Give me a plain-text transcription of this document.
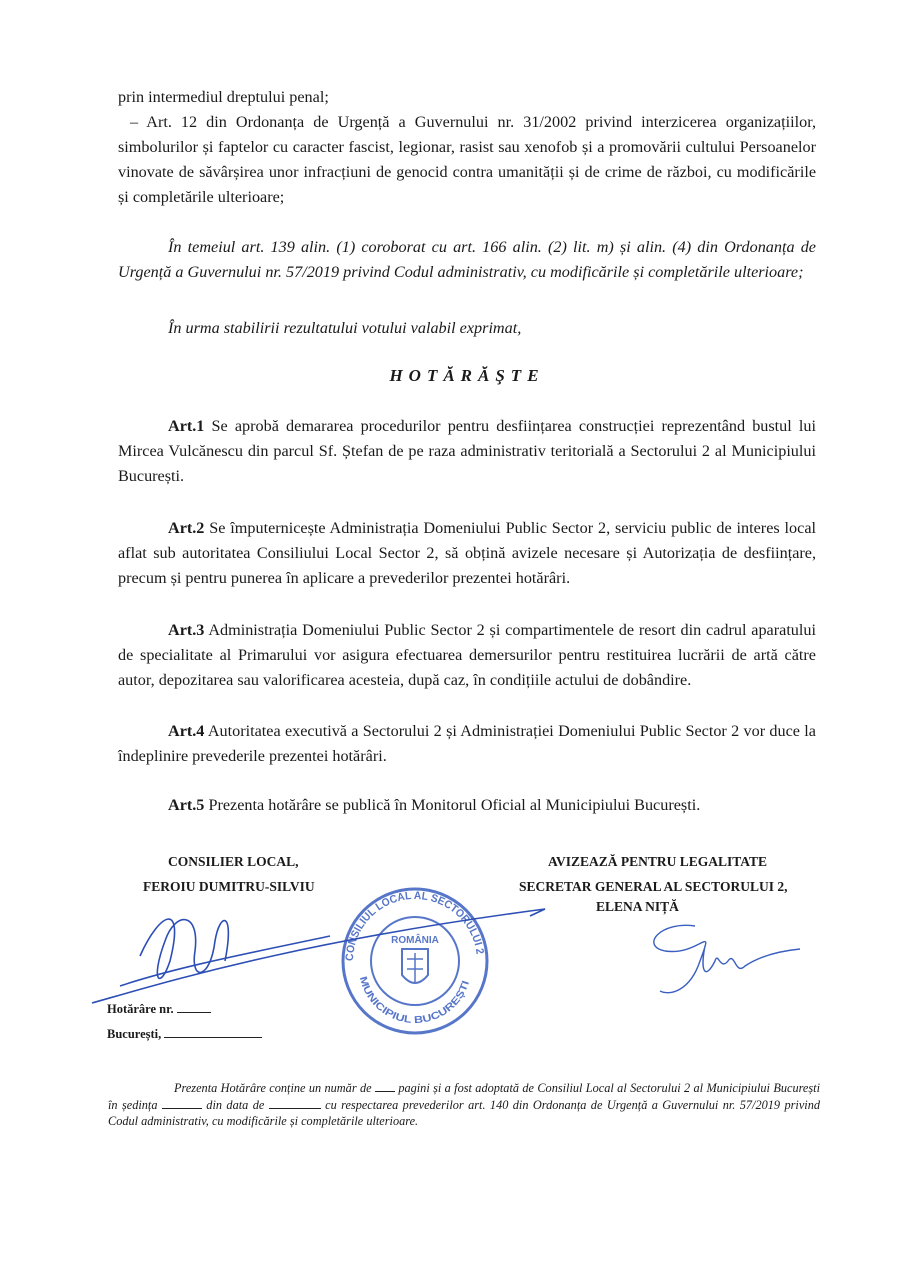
prin intermediul dreptului penal;

– Art. 12 din Ordonanța de Urgență a Guvernului nr. 31/2002 privind interzicerea organizațiilor, simbolurilor și faptelor cu caracter fascist, legionar, rasist sau xenofob și a promovării cultului Persoanelor vinovate de săvârșirea unor infracțiuni de genocid contra umanității și de crime de război, cu modificările și completările ulterioare;

În temeiul art. 139 alin. (1) coroborat cu art. 166 alin. (2) lit. m) și alin. (4) din Ordonanța de Urgență a Guvernului nr. 57/2019 privind Codul administrativ, cu modificările și completările ulterioare;

În urma stabilirii rezultatului votului valabil exprimat,

HOTĂRĂŞTE

Art.1 Se aprobă demararea procedurilor pentru desființarea construcției reprezentând bustul lui Mircea Vulcănescu din parcul Sf. Ștefan de pe raza administrativ teritorială a Sectorului 2 al Municipiului București.

Art.2 Se împuternicește Administrația Domeniului Public Sector 2, serviciu public de interes local aflat sub autoritatea Consiliului Local Sector 2, să obțină avizele necesare și Autorizația de desființare, precum și pentru punerea în aplicare a prevederilor prezentei hotărâri.

Art.3 Administrația Domeniului Public Sector 2 și compartimentele de resort din cadrul aparatului de specialitate al Primarului vor asigura efectuarea demersurilor pentru restituirea lucrării de artă către autor, depozitarea sau valorificarea acesteia, după caz, în condițiile actului de dobândire.

Art.4 Autoritatea executivă a Sectorului 2 și Administrației Domeniului Public Sector 2 vor duce la îndeplinire prevederile prezentei hotărâri.

Art.5 Prezenta hotărâre se publică în Monitorul Oficial al Municipiului București.

CONSILIUL LOCAL AL SECTORULUI 2
MUNICIPIUL BUCUREȘTI
ROMÂNIA
CONSILIER LOCAL,
FEROIU DUMITRU-SILVIU
AVIZEAZĂ PENTRU LEGALITATE
SECRETAR GENERAL AL SECTORULUI 2,
ELENA NIȚĂ
Hotărâre nr.
București,
Prezenta Hotărâre conține un număr de  pagini și a fost adoptată de Consiliul Local al Sectorului 2 al Municipiului București în ședința	din data de	cu respectarea prevederilor art. 140 din Ordonanța de Urgență a Guvernului nr. 57/2019 privind Codul administrativ, cu modificările și completările ulterioare.
